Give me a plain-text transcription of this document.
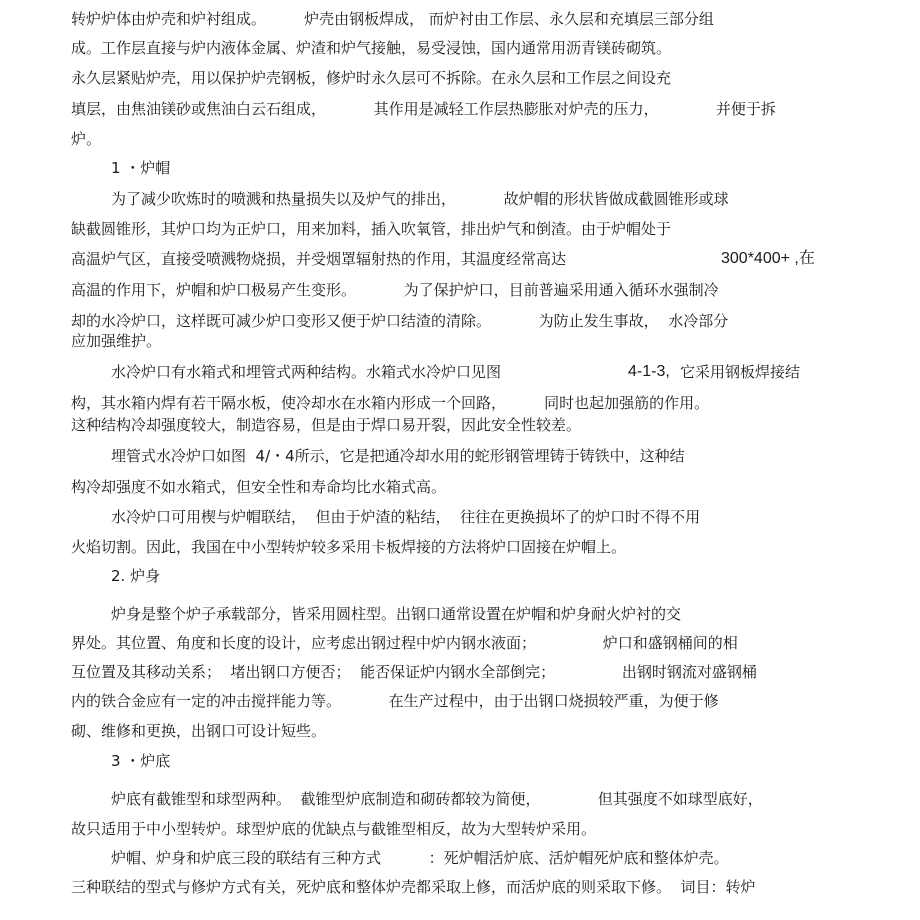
转炉炉体由炉壳和炉衬组成。        炉壳由钢板焊成， 而炉衬由工作层、永久层和充填层三部分组
成。工作层直接与炉内液体金属、炉渣和炉气接触，易受浸蚀，国内通常用沥青镁砖砌筑。
永久层紧贴炉壳，用以保护炉壳钢板，修炉时永久层可不拆除。在永久层和工作层之间设充
填层，由焦油镁砂或焦油白云石组成，          其作用是减轻工作层热膨胀对炉壳的压力，            并便于拆
炉。
1 ・炉帽
为了减少吹炼时的喷溅和热量损失以及炉气的排出，          故炉帽的形状皆做成截圆锥形或球
缺截圆锥形，其炉口均为正炉口，用来加料，插入吹氧管，排出炉气和倒渣。由于炉帽处于
高温炉气区，直接受喷溅物烧损，并受烟罩辐射热的作用，其温度经常高达	300*400+ ,在
高温的作用下，炉帽和炉口极易产生变形。          为了保护炉口，目前普遍采用通入循环水强制冷
却的水冷炉口，这样既可减少炉口变形又便于炉口结渣的清除。          为防止发生事故，  水冷部分
应加强维护。
水冷炉口有水箱式和埋管式两种结构。水箱式水冷炉口见图	4-1-3, 它采用钢板焊接结
构，其水箱内焊有若干隔水板，使冷却水在水箱内形成一个回路，        同时也起加强筋的作用。
这种结构冷却强度较大，制造容易，但是由于焊口易开裂，因此安全性较差。
埋管式水冷炉口如图  4/・4所示，它是把通冷却水用的蛇形钢管埋铸于铸铁中，这种结
构冷却强度不如水箱式，但安全性和寿命均比水箱式高。
水冷炉口可用楔与炉帽联结，  但由于炉渣的粘结，  往往在更换损坏了的炉口时不得不用
火焰切割。因此，我国在中小型转炉较多采用卡板焊接的方法将炉口固接在炉帽上。
2. 炉身
炉身是整个炉子承载部分，皆采用圆柱型。出钢口通常设置在炉帽和炉身耐火炉衬的交
界处。其位置、角度和长度的设计，应考虑出钢过程中炉内钢水液面；              炉口和盛钢桶间的相
互位置及其移动关系；  堵出钢口方便否；  能否保证炉内钢水全部倒完；              出钢时钢流对盛钢桶
内的铁合金应有一定的冲击搅拌能力等。          在生产过程中，由于出钢口烧损较严重，为便于修
砌、维修和更换，出钢口可设计短些。
3 ・炉底
炉底有截锥型和球型两种。  截锥型炉底制造和砌砖都较为简便，            但其强度不如球型底好，
故只适用于中小型转炉。球型炉底的优缺点与截锥型相反，故为大型转炉采用。
炉帽、炉身和炉底三段的联结有三种方式          ：死炉帽活炉底、活炉帽死炉底和整体炉壳。
三种联结的型式与修炉方式有关，死炉底和整体炉壳都采取上修，而活炉底的则采取下修。  词目：转炉
